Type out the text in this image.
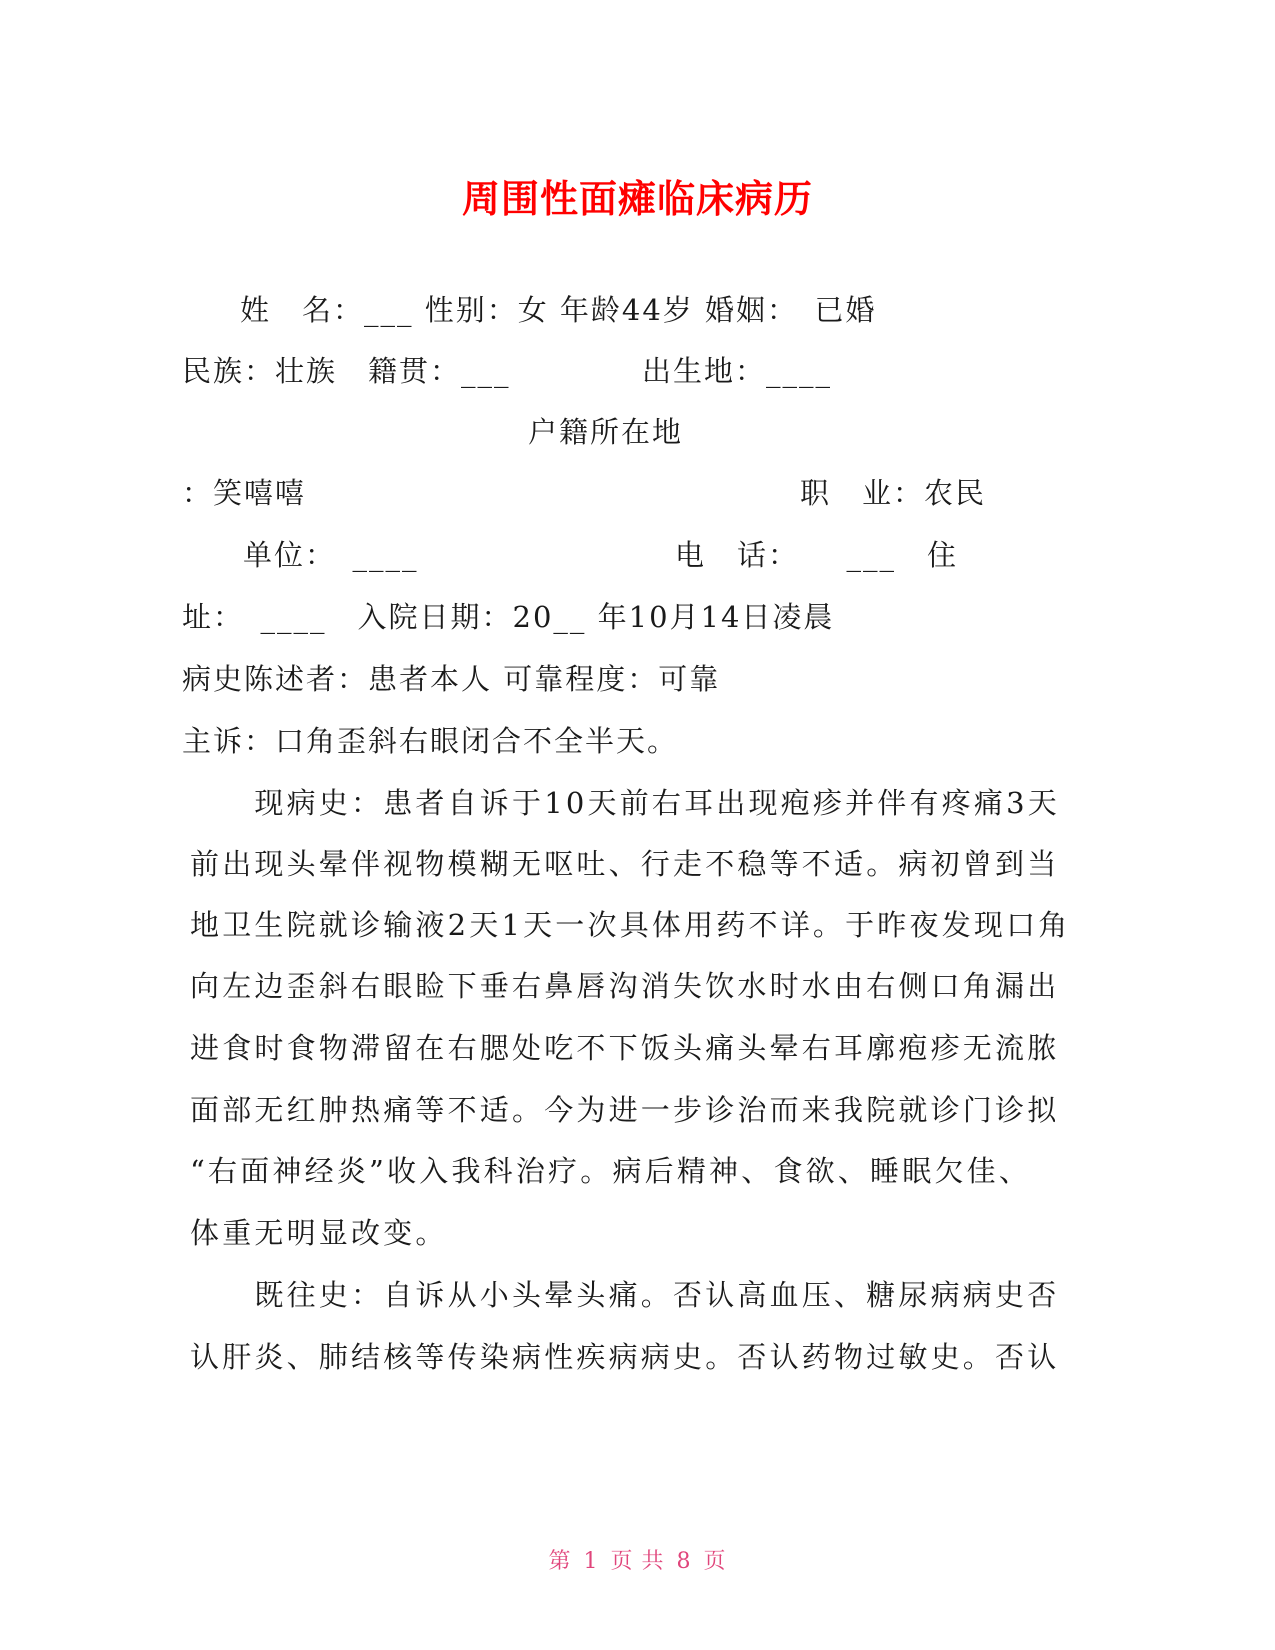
周围性面瘫临床病历
姓　名：___ 性别：女 年龄44岁 婚姻：　已婚
民族：壮族　籍贯：___	出生地：____
户籍所在地
：笑嘻嘻	职　业：农民
单位：　____	电　话：　　___　住
址：　____　入院日期：20__ 年10月14日凌晨
病史陈述者：患者本人 可靠程度：可靠
主诉：口角歪斜右眼闭合不全半天。
　　现病史：患者自诉于10天前右耳出现疱疹并伴有疼痛3天
前出现头晕伴视物模糊无呕吐、行走不稳等不适。病初曾到当
地卫生院就诊输液2天1天一次具体用药不详。于昨夜发现口角
向左边歪斜右眼睑下垂右鼻唇沟消失饮水时水由右侧口角漏出
进食时食物滞留在右腮处吃不下饭头痛头晕右耳廓疱疹无流脓
面部无红肿热痛等不适。今为进一步诊治而来我院就诊门诊拟
“右面神经炎”收入我科治疗。病后精神、食欲、睡眠欠佳、
体重无明显改变。
　　既往史：自诉从小头晕头痛。否认高血压、糖尿病病史否
认肝炎、肺结核等传染病性疾病病史。否认药物过敏史。否认
第 1 页 共 8 页
